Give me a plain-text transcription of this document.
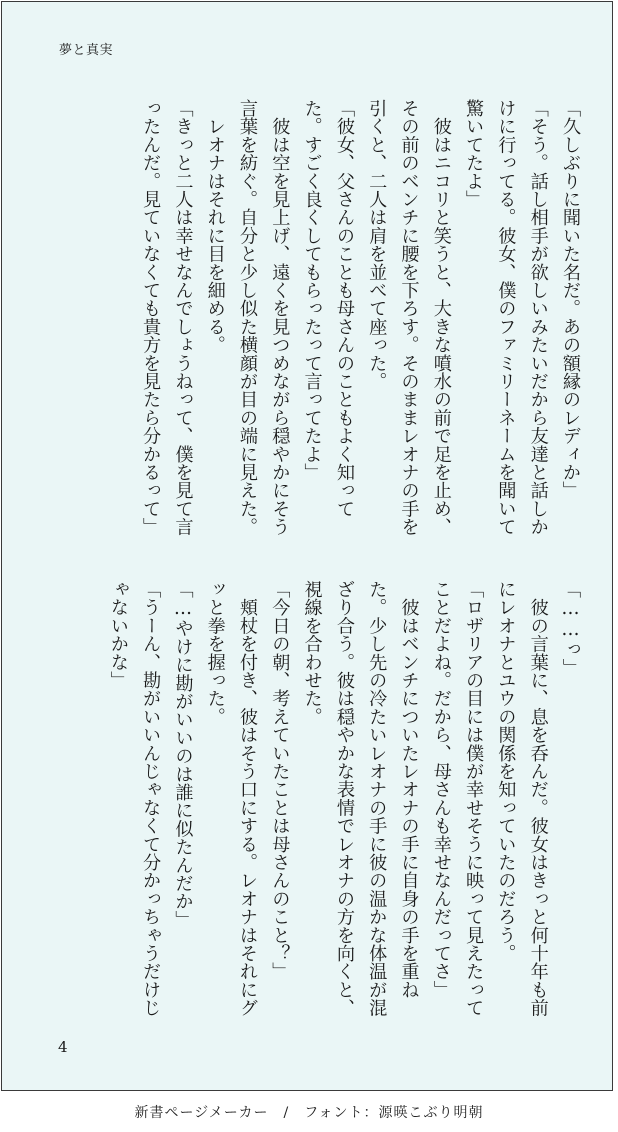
夢と真実

「久しぶりに聞いた名だ。あの額縁のレディか」

「そう。話し相手が欲しいみたいだから友達と話しかけに行ってる。彼女、僕のファミリーネームを聞いて驚いてたよ」

　彼はニコリと笑うと、大きな噴水の前で足を止め、その前のベンチに腰を下ろす。そのままレオナの手を引くと、二人は肩を並べて座った。

「彼女、父さんのことも母さんのこともよく知ってた。すごく良くしてもらったって言ってたよ」

　彼は空を見上げ、遠くを見つめながら穏やかにそう言葉を紡ぐ。自分と少し似た横顔が目の端に見えた。

　レオナはそれに目を細める。

「きっと二人は幸せなんでしょうねって、僕を見て言ったんだ。見ていなくても貴方を見たら分かるって」

「……っ」

　彼の言葉に、息を呑んだ。彼女はきっと何十年も前にレオナとユウの関係を知っていたのだろう。

「ロザリアの目には僕が幸せそうに映って見えたってことだよね。だから、母さんも幸せなんだってさ」

　彼はベンチについたレオナの手に自身の手を重ねた。少し先の冷たいレオナの手に彼の温かな体温が混ざり合う。彼は穏やかな表情でレオナの方を向くと、視線を合わせた。

「今日の朝、考えていたことは母さんのこと？」

　頬杖を付き、彼はそう口にする。レオナはそれにグッと拳を握った。

「…やけに勘がいいのは誰に似たんだか」

「うーん、勘がいいんじゃなくて分かっちゃうだけじゃないかな」

4
新書ページメーカー　/　フォント：源暎こぶり明朝
